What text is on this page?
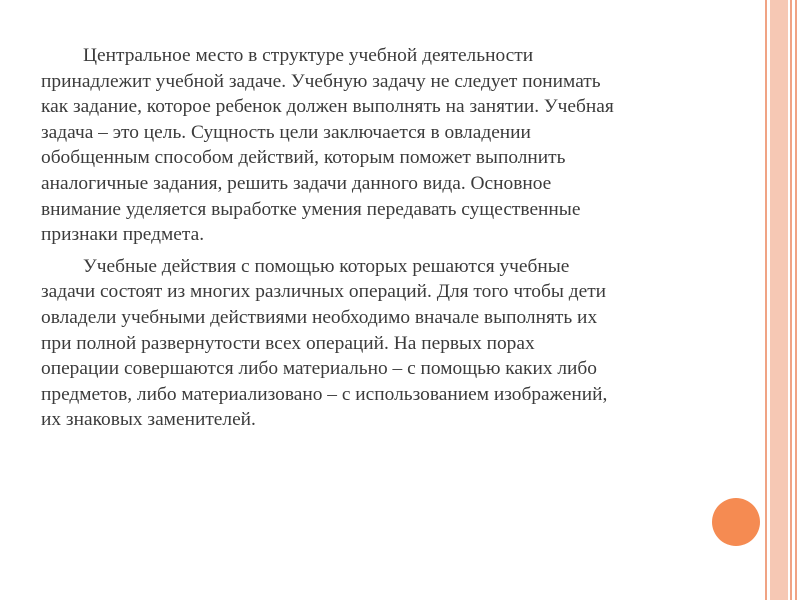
Центральное место в структуре учебной деятельности
принадлежит учебной задаче. Учебную задачу не следует понимать
как задание, которое ребенок должен выполнять на занятии. Учебная
задача – это цель. Сущность цели заключается в овладении
обобщенным способом действий, которым поможет выполнить
аналогичные задания, решить задачи данного вида. Основное
внимание уделяется выработке умения передавать существенные
признаки предмета.

Учебные действия с помощью которых решаются учебные
задачи состоят из многих различных операций. Для того чтобы дети
овладели учебными действиями необходимо вначале выполнять их
при полной развернутости всех операций. На первых порах
операции совершаются либо материально – с помощью каких либо
предметов, либо материализовано – с использованием изображений,
их знаковых заменителей.
